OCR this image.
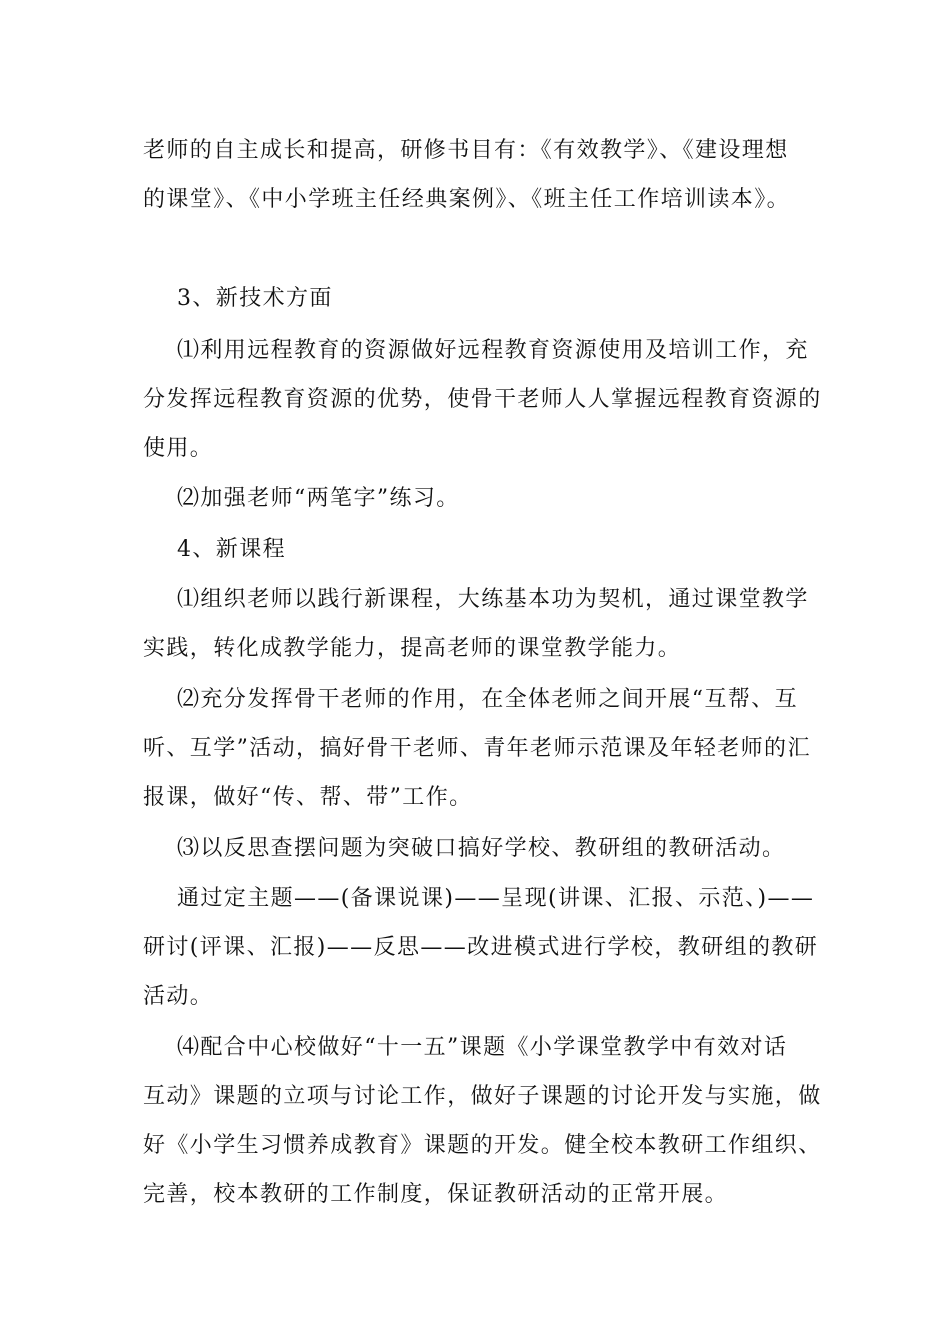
老师的自主成长和提高，研修书目有：《有效教学》、《建设理想
的课堂》、《中小学班主任经典案例》、《班主任工作培训读本》。
3、新技术方面
⑴利用远程教育的资源做好远程教育资源使用及培训工作，充
分发挥远程教育资源的优势，使骨干老师人人掌握远程教育资源的
使用。
⑵加强老师“两笔字”练习。
4、新课程
⑴组织老师以践行新课程，大练基本功为契机，通过课堂教学
实践，转化成教学能力，提高老师的课堂教学能力。
⑵充分发挥骨干老师的作用，在全体老师之间开展“互帮、互
听、互学”活动，搞好骨干老师、青年老师示范课及年轻老师的汇
报课，做好“传、帮、带”工作。
⑶以反思查摆问题为突破口搞好学校、教研组的教研活动。
通过定主题——(备课说课)——呈现(讲课、汇报、示范、)——
研讨(评课、汇报)——反思——改进模式进行学校，教研组的教研
活动。
⑷配合中心校做好“十一五”课题《小学课堂教学中有效对话
互动》课题的立项与讨论工作，做好子课题的讨论开发与实施，做
好《小学生习惯养成教育》课题的开发。健全校本教研工作组织、
完善，校本教研的工作制度，保证教研活动的正常开展。
